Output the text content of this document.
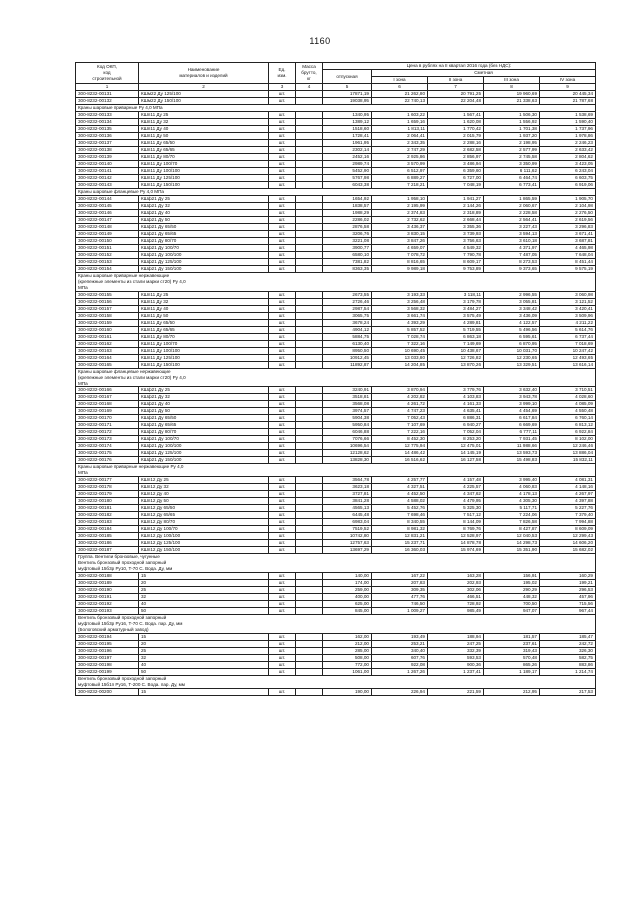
1160
Код ОКП,
код
строительной	Наименование
материалов и изделий	Ед.
изм.	Масса
брутто,
кг	Цена в рублях на II квартал 2016 года (без НДС):				
				отпускная	Сметная			
					I зона	II зона	III зона	IV зона
1	2	3	4	5	6	7	8	9
300-8232-00131	КШм22 Ду 125/100	шт.		17871,19	21 262,80	20 791,25	19 960,69	20 445,34
300-8232-00132	КШм22 Ду 150/100	шт.		19038,95	22 740,13	22 204,48	21 338,63	21 787,68

Краны шаровые приварные Ру 4,0 МПа								

300-8232-00133	КШп11 Ду 25	шт.		1340,95	1 603,22	1 567,41	1 506,30	1 538,69
300-8232-00134	КШп11 Ду 32	шт.		1389,12	1 659,16	1 620,08	1 556,92	1 590,40
300-8232-00135	КШп11 Ду 40	шт.		1518,60	1 813,11	1 770,42	1 701,38	1 737,96
300-8232-00136	КШп11 Ду 50	шт.		1728,41	2 064,41	2 015,79	1 937,20	1 978,86
300-8232-00137	КШп11 Ду 65/50	шт.		1961,95	2 343,35	2 288,16	2 198,95	2 246,23
300-8232-00138	КШп11 Ду 65/65	шт.		2302,14	2 747,29	2 682,58	2 577,99	2 633,42
300-8232-00139	КШп11 Ду 80/70	шт.		2452,16	2 925,86	2 856,97	2 745,58	2 804,62
300-8232-00140	КШп11 Ду 100/70	шт.		2989,74	3 570,99	3 486,94	3 350,99	3 423,05
300-8232-00141	КШп11 Ду 100/100	шт.		5452,90	6 512,97	6 359,60	6 111,62	6 243,04
300-8232-00142	КШп11 Ду 125/100	шт.		5767,98	6 889,27	6 727,00	6 464,74	6 603,75
300-8232-00143	КШп11 Ду 150/100	шт.		6043,38	7 218,21	7 048,19	6 773,41	6 919,06

Краны шаровые фланцевые Ру 4,0 МПа								

300-8232-00144	КШф21 Ду 25	шт.		1654,92	1 958,10	1 941,27	1 865,59	1 905,70
300-8232-00145	КШф21 Ду 32	шт.		1838,57	2 195,99	2 144,26	2 060,67	2 104,98
300-8232-00146	КШф21 Ду 40	шт.		1988,29	2 374,83	2 318,89	2 228,58	2 276,50
300-8232-00147	КШф21 Ду 50	шт.		2286,02	2 732,62	2 668,44	2 564,41	2 619,56
300-8232-00148	КШф21 Ду 65/50	шт.		2876,58	3 436,37	3 355,36	3 227,43	3 296,83
300-8232-00149	КШф21 Ду 65/65	шт.		3206,76	3 830,15	3 739,93	3 594,13	3 671,41
300-8232-00150	КШф21 Ду 80/70	шт.		3221,08	3 847,26	3 756,63	3 610,18	3 687,81
300-8232-00151	КШф21 Ду 100/70	шт.		3900,77	4 659,07	4 549,32	4 371,97	4 465,98
300-8232-00152	КШф21 Ду 100/100	шт.		6580,10	7 078,72	7 790,78	7 487,05	7 648,04
300-8232-00153	КШф21 Ду 125/100	шт.		7381,82	8 816,65	8 609,17	8 273,53	8 451,44
300-8232-00154	КШф21 Ду 150/100	шт.		8363,35	9 989,18	9 753,89	9 373,65	9 575,19

Краны шаровые приварные нержавеющие
(крепежные элементы из стали марки ст20) Ру 4,0
МПа								

300-8232-00155	КШп11 Ду 25	шт.		2673,55	3 193,33	3 118,11	2 996,55	3 060,98
300-8232-00156	КШп11 Ду 32	шт.		2726,46	3 256,48	3 179,78	3 055,81	3 121,52
300-8232-00157	КШп11 Ду 40	шт.		2987,54	3 568,32	3 484,27	3 348,42	3 420,41
300-8232-00158	КШп11 Ду 50	шт.		3065,75	3 661,74	3 575,49	3 436,09	3 509,96
300-8232-00159	КШп11 Ду 65/50	шт.		3678,24	4 393,29	4 289,81	4 122,57	4 211,22
300-8232-00160	КШп11 Ду 65/65	шт.		4904,12	5 857,52	5 719,55	5 496,56	5 614,76
300-8232-00161	КШп11 Ду 80/70	шт.		5884,75	7 028,74	6 863,18	6 595,61	6 737,44
300-8232-00162	КШп11 Ду 100/70	шт.		6130,40	7 322,16	7 149,69	6 870,95	7 018,69
300-8232-00163	КШп11 Ду 100/100	шт.		8950,50	10 690,45	10 438,67	10 031,70	10 247,42
300-8232-00164	КШп11 Ду 125/100	шт.		10912,45	13 033,80	12 726,82	12 230,65	12 493,65
300-8232-00165	КШп11 Ду 150/100	шт.		11892,87	14 204,85	13 870,26	13 329,51	13 616,14

Краны шаровые фланцевые нержавеющие
(крепежные элементы из стали марки ст20) Ру 4,0
МПа								

300-8232-00166	КШф21 Ду 25	шт.		3240,91	3 870,94	3 779,76	3 632,40	3 710,51
300-8232-00167	КШф21 Ду 32	шт.		3518,81	4 202,82	4 103,83	3 943,78	4 028,60
300-8232-00168	КШф21 Ду 40	шт.		3568,08	4 261,72	4 161,33	3 999,10	4 085,09
300-8232-00169	КШф21 Ду 50	шт.		3974,57	4 747,23	4 635,41	4 454,69	4 550,48
300-8232-00170	КШф21 Ду 65/50	шт.		5904,38	7 052,43	6 886,31	6 617,84	6 760,14
300-8232-00171	КШф21 Ду 65/65	шт.		5950,84	7 107,69	6 940,27	6 669,69	6 813,12
300-8232-00172	КШф21 Ду 80/70	шт.		6046,88	7 222,16	7 052,04	6 777,11	6 922,84
300-8232-00173	КШф21 Ду 100/70	шт.		7076,66	8 452,30	8 253,20	7 931,45	8 102,00
300-8232-00174	КШф21 Ду 100/100	шт.		10696,54	12 775,94	12 475,01	11 988,66	12 246,46
300-8232-00175	КШф21 Ду 125/100	шт.		12128,62	14 486,42	14 145,19	13 593,73	13 886,04
300-8232-00176	КШф21 Ду 150/100	шт.		13828,30	16 516,62	16 127,58	15 498,83	15 832,11

Краны шаровые приварные нержавеющие Ру 4,0
МПа								

300-8232-00177	КШп12 Ду 25	шт.		3564,78	4 257,77	4 157,48	3 995,40	4 081,31
300-8232-00178	КШп12 Ду 32	шт.		3623,18	4 327,51	4 225,57	4 060,83	4 148,16
300-8232-00179	КШп12 Ду 40	шт.		3727,81	4 452,50	4 347,62	4 178,13	4 267,97
300-8232-00180	КШп12 Ду 50	шт.		3841,28	4 588,02	4 479,95	4 305,30	4 397,88
300-8232-00181	КШп12 Ду 65/50	шт.		4565,13	5 452,76	5 325,30	5 117,71	5 227,76
300-8232-00182	КШп12 Ду 65/65	шт.		6445,48	7 698,46	7 517,12	7 224,06	7 379,40
300-8232-00183	КШп12 Ду 80/70	шт.		6983,04	8 340,55	8 144,09	7 826,58	7 994,88
300-8232-00184	КШп12 Ду 100/70	шт.		7519,52	8 981,32	8 769,76	8 427,87	8 609,09
300-8232-00185	КШп12 Ду 100/100	шт.		10742,80	12 831,21	12 528,97	12 040,53	12 299,43
300-8232-00186	КШп12 Ду 125/100	шт.		12757,63	15 237,71	14 878,78	14 298,73	14 606,20
300-8232-00187	КШп12 Ду 150/100	шт.		13697,29	16 360,03	15 974,69	15 351,90	15 682,02

Группа. Вентили бронзовые, чугунные
Вентиль бронзовый проходной запорный
муфтовый 15б3р Ру10, Т-70 С. Вода. Ду, мм								

300-8232-00188	15	шт.		140,00	167,22	163,28	156,91	160,29
300-8232-00189	20	шт.		174,00	207,83	202,93	195,02	199,21
300-8232-00190	25	шт.		259,00	309,35	302,06	290,29	296,53
300-8232-00191	32	шт.		400,00	477,76	466,51	448,32	457,96
300-8232-00192	40	шт.		625,00	746,50	728,92	700,50	715,56
300-8232-00193	50	шт.		845,00	1 009,27	985,49	947,07	967,44

Вентиль бронзовый проходной запорный
муфтовый 15б3р Ру16, Т-70 С. Вода. пар. Ду, мм
(Бологовский арматурный завод)								

300-8232-00194	15	шт.		162,00	193,49	188,94	181,57	185,47
300-8232-00195	20	шт.		212,00	253,21	247,25	237,61	242,72
300-8232-00196	25	шт.		285,00	340,40	332,39	319,43	326,30
300-8232-00197	32	шт.		508,00	607,76	593,53	570,48	582,75
300-8232-00198	40	шт.		772,00	922,08	900,36	865,26	883,86
300-8232-00199	50	шт.		1061,00	1 267,26	1 237,41	1 189,17	1 214,74

Вентиль бронзовый проходной запорный
муфтовый 15б1п Ру16, Т-200 С. Вода. пар. Ду, мм								

300-8232-00200	15	шт.		190,00	226,94	221,59	212,95	217,53
